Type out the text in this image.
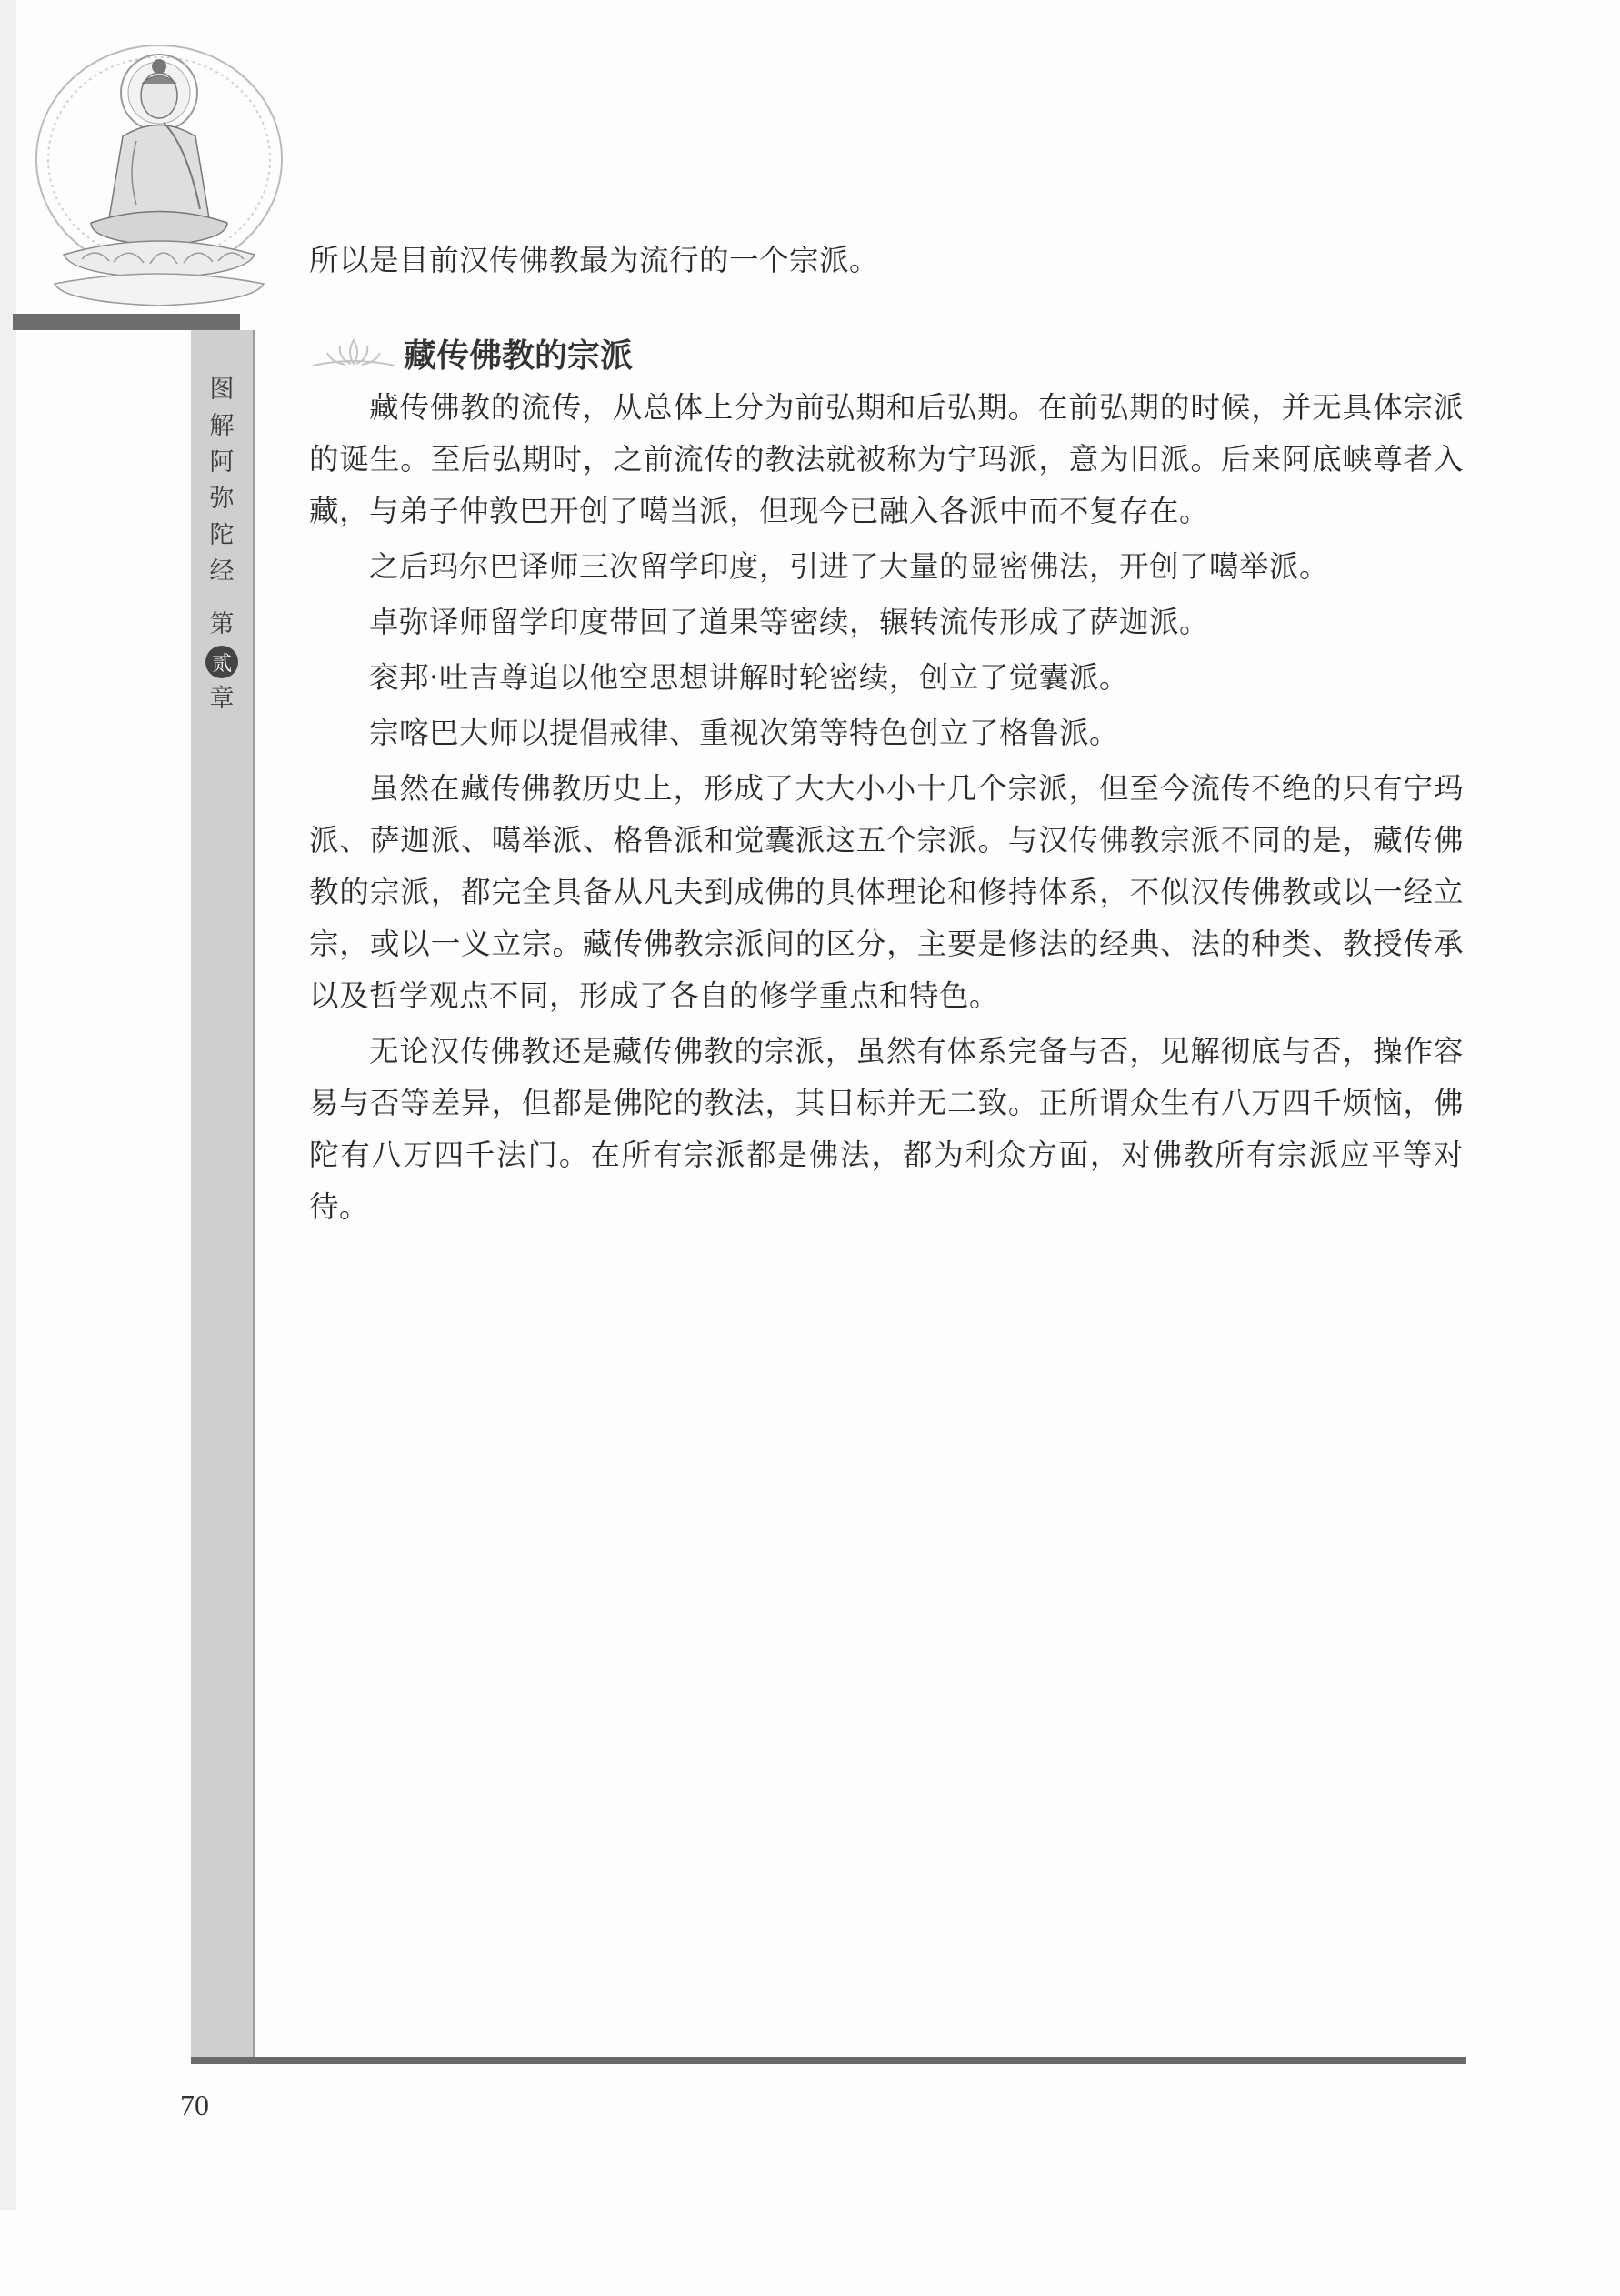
图
解
阿
弥
陀
经
第
贰
章

所以是目前汉传佛教最为流行的一个宗派。

藏传佛教的宗派

藏传佛教的流传，从总体上分为前弘期和后弘期。在前弘期的时候，并无具体宗派的诞生。至后弘期时，之前流传的教法就被称为宁玛派，意为旧派。后来阿底峡尊者入藏，与弟子仲敦巴开创了噶当派，但现今已融入各派中而不复存在。

之后玛尔巴译师三次留学印度，引进了大量的显密佛法，开创了噶举派。

卓弥译师留学印度带回了道果等密续，辗转流传形成了萨迦派。

衮邦·吐吉尊追以他空思想讲解时轮密续，创立了觉囊派。

宗喀巴大师以提倡戒律、重视次第等特色创立了格鲁派。

虽然在藏传佛教历史上，形成了大大小小十几个宗派，但至今流传不绝的只有宁玛派、萨迦派、噶举派、格鲁派和觉囊派这五个宗派。与汉传佛教宗派不同的是，藏传佛教的宗派，都完全具备从凡夫到成佛的具体理论和修持体系，不似汉传佛教或以一经立宗，或以一义立宗。藏传佛教宗派间的区分，主要是修法的经典、法的种类、教授传承以及哲学观点不同，形成了各自的修学重点和特色。

无论汉传佛教还是藏传佛教的宗派，虽然有体系完备与否，见解彻底与否，操作容易与否等差异，但都是佛陀的教法，其目标并无二致。正所谓众生有八万四千烦恼，佛陀有八万四千法门。在所有宗派都是佛法，都为利众方面，对佛教所有宗派应平等对待。

70
